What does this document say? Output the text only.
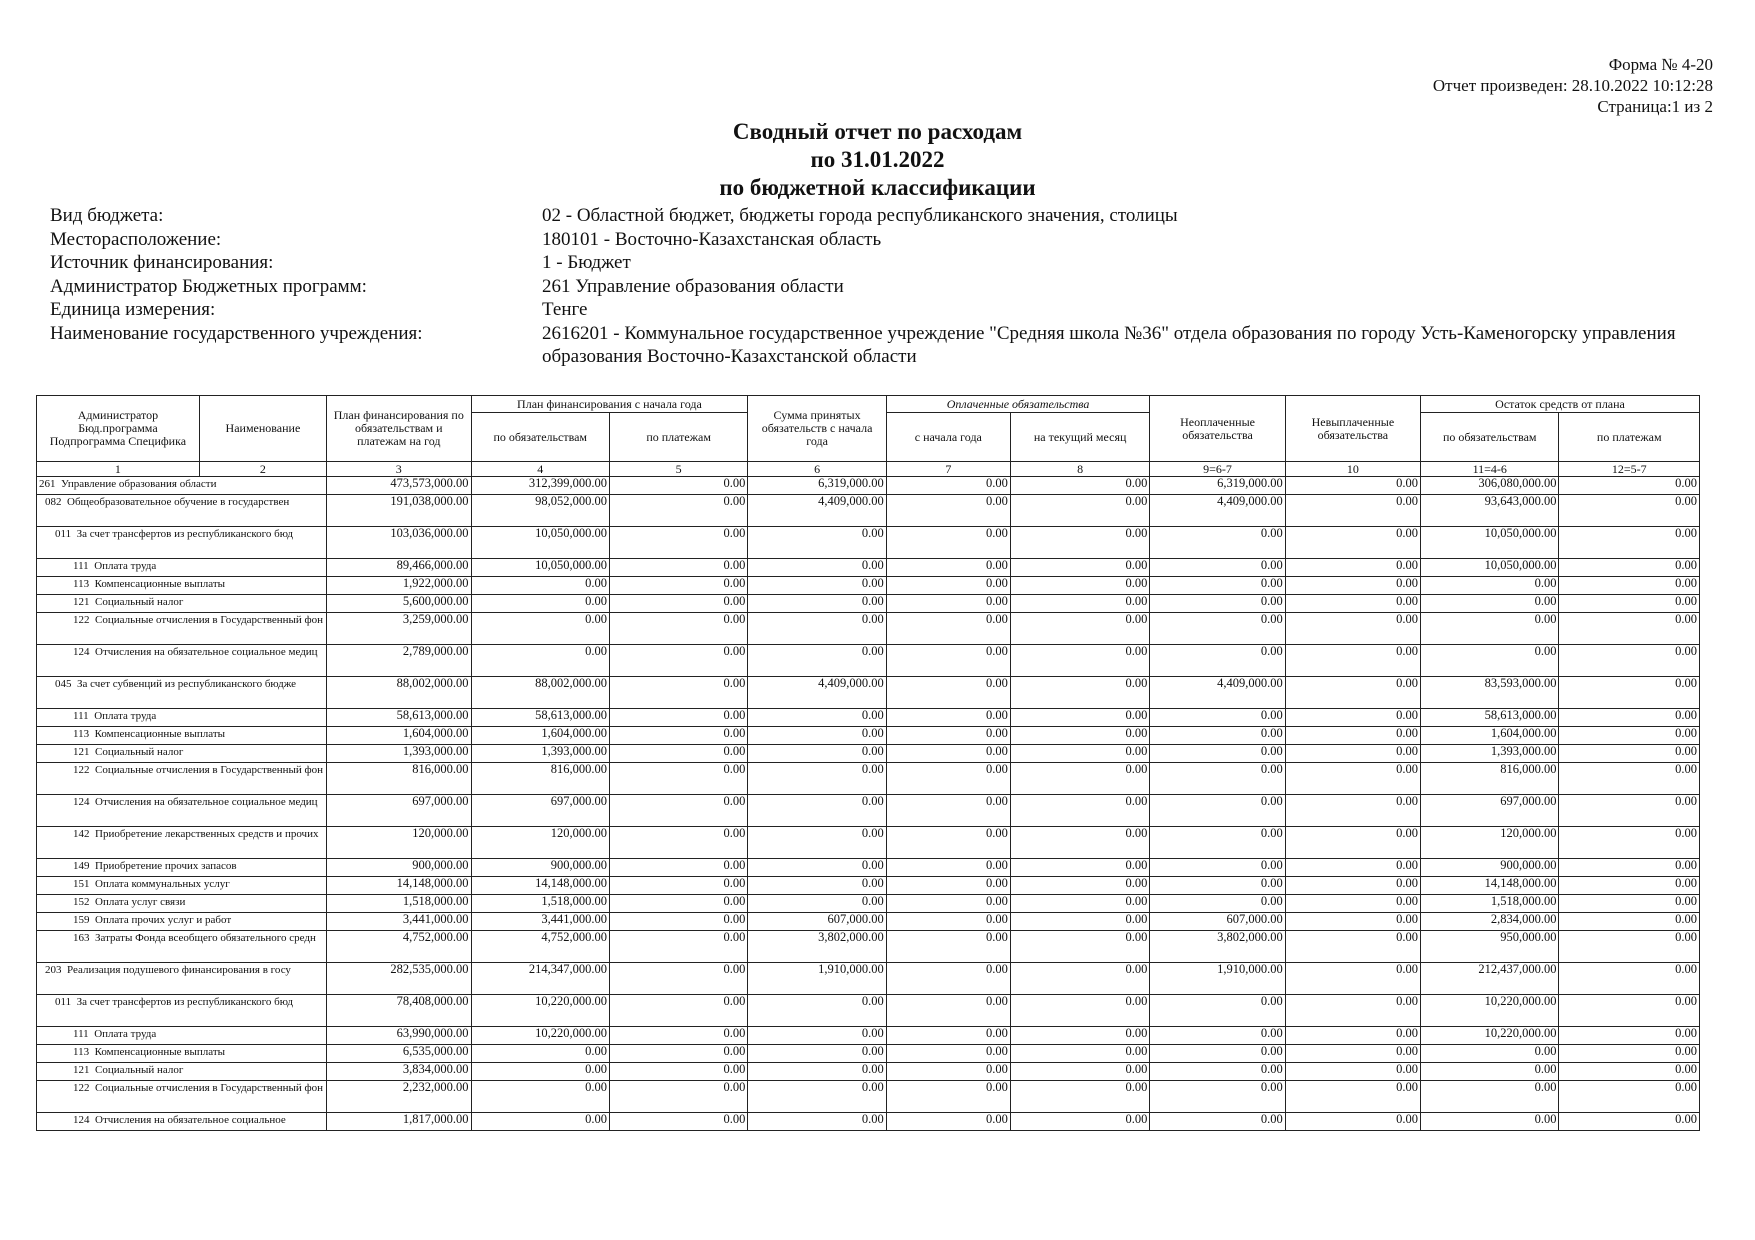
Форма № 4-20
Отчет произведен: 28.10.2022 10:12:28
Страница:1 из 2
Сводный отчет по расходам
по 31.01.2022
по бюджетной классификации
Вид бюджета:	02 - Областной бюджет, бюджеты города республиканского значения, столицы
Месторасположение:	180101 - Восточно-Казахстанская область
Источник финансирования:	1 - Бюджет
Администратор Бюджетных программ:	261 Управление образования области
Единица измерения:	Тенге
Наименование государственного учреждения:	2616201 - Коммунальное государственное учреждение "Средняя школа №36" отдела образования по городу Усть-Каменогорску управления образования Восточно-Казахстанской области
Администратор Бюд.программа Подпрограмма Специфика	Наименование	План финансирования по обязательствам и платежам на год	План финансирования с начала года		Сумма принятых обязательств с начала года	Оплаченные обязательства		Неоплаченные обязательства	Невыплаченные обязательства	Остаток средств от плана	
			по обязательствам	по платежам		с начала года	на текущий месяц			по обязательствам	по платежам
1	2	3	4	5	6	7	8	9=6-7	10	11=4-6	12=5-7
261 Управление образования области		473,573,000.00	312,399,000.00	0.00	6,319,000.00	0.00	0.00	6,319,000.00	0.00	306,080,000.00	0.00
082 Общеобразовательное обучение в государствен		191,038,000.00	98,052,000.00	0.00	4,409,000.00	0.00	0.00	4,409,000.00	0.00	93,643,000.00	0.00
011 За счет трансфертов из республиканского бюд		103,036,000.00	10,050,000.00	0.00	0.00	0.00	0.00	0.00	0.00	10,050,000.00	0.00
111 Оплата труда		89,466,000.00	10,050,000.00	0.00	0.00	0.00	0.00	0.00	0.00	10,050,000.00	0.00
113 Компенсационные выплаты		1,922,000.00	0.00	0.00	0.00	0.00	0.00	0.00	0.00	0.00	0.00
121 Социальный налог		5,600,000.00	0.00	0.00	0.00	0.00	0.00	0.00	0.00	0.00	0.00
122 Социальные отчисления в Государственный фон		3,259,000.00	0.00	0.00	0.00	0.00	0.00	0.00	0.00	0.00	0.00
124 Отчисления на обязательное социальное медиц		2,789,000.00	0.00	0.00	0.00	0.00	0.00	0.00	0.00	0.00	0.00
045 За счет субвенций из республиканского бюдже		88,002,000.00	88,002,000.00	0.00	4,409,000.00	0.00	0.00	4,409,000.00	0.00	83,593,000.00	0.00
111 Оплата труда		58,613,000.00	58,613,000.00	0.00	0.00	0.00	0.00	0.00	0.00	58,613,000.00	0.00
113 Компенсационные выплаты		1,604,000.00	1,604,000.00	0.00	0.00	0.00	0.00	0.00	0.00	1,604,000.00	0.00
121 Социальный налог		1,393,000.00	1,393,000.00	0.00	0.00	0.00	0.00	0.00	0.00	1,393,000.00	0.00
122 Социальные отчисления в Государственный фон		816,000.00	816,000.00	0.00	0.00	0.00	0.00	0.00	0.00	816,000.00	0.00
124 Отчисления на обязательное социальное медиц		697,000.00	697,000.00	0.00	0.00	0.00	0.00	0.00	0.00	697,000.00	0.00
142 Приобретение лекарственных средств и прочих		120,000.00	120,000.00	0.00	0.00	0.00	0.00	0.00	0.00	120,000.00	0.00
149 Приобретение прочих запасов		900,000.00	900,000.00	0.00	0.00	0.00	0.00	0.00	0.00	900,000.00	0.00
151 Оплата коммунальных услуг		14,148,000.00	14,148,000.00	0.00	0.00	0.00	0.00	0.00	0.00	14,148,000.00	0.00
152 Оплата услуг связи		1,518,000.00	1,518,000.00	0.00	0.00	0.00	0.00	0.00	0.00	1,518,000.00	0.00
159 Оплата прочих услуг и работ		3,441,000.00	3,441,000.00	0.00	607,000.00	0.00	0.00	607,000.00	0.00	2,834,000.00	0.00
163 Затраты Фонда всеобщего обязательного средн		4,752,000.00	4,752,000.00	0.00	3,802,000.00	0.00	0.00	3,802,000.00	0.00	950,000.00	0.00
203 Реализация подушевого финансирования в госу		282,535,000.00	214,347,000.00	0.00	1,910,000.00	0.00	0.00	1,910,000.00	0.00	212,437,000.00	0.00
011 За счет трансфертов из республиканского бюд		78,408,000.00	10,220,000.00	0.00	0.00	0.00	0.00	0.00	0.00	10,220,000.00	0.00
111 Оплата труда		63,990,000.00	10,220,000.00	0.00	0.00	0.00	0.00	0.00	0.00	10,220,000.00	0.00
113 Компенсационные выплаты		6,535,000.00	0.00	0.00	0.00	0.00	0.00	0.00	0.00	0.00	0.00
121 Социальный налог		3,834,000.00	0.00	0.00	0.00	0.00	0.00	0.00	0.00	0.00	0.00
122 Социальные отчисления в Государственный фон		2,232,000.00	0.00	0.00	0.00	0.00	0.00	0.00	0.00	0.00	0.00
124 Отчисления на обязательное социальное		1,817,000.00	0.00	0.00	0.00	0.00	0.00	0.00	0.00	0.00	0.00
